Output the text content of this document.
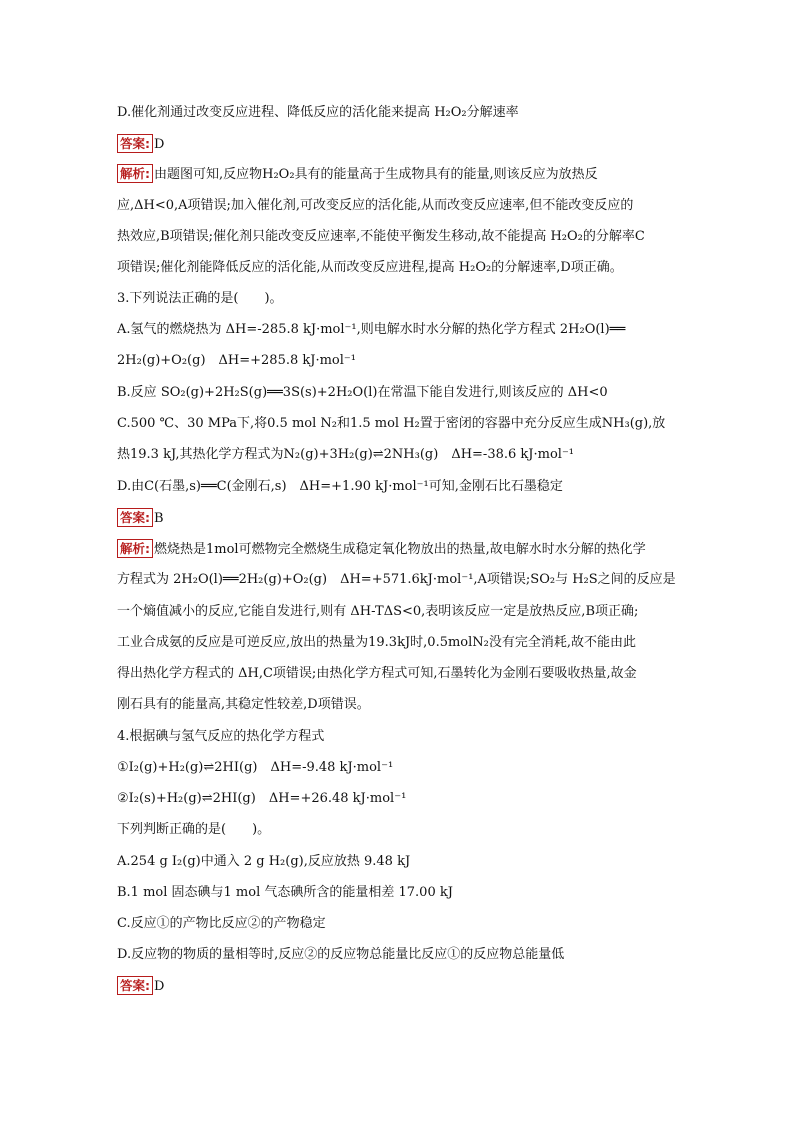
D.催化剂通过改变反应进程、降低反应的活化能来提高 H₂O₂分解速率
答案: D
解析: 由题图可知,反应物H₂O₂具有的能量高于生成物具有的能量,则该反应为放热反
应,ΔH<0,A项错误;加入催化剂,可改变反应的活化能,从而改变反应速率,但不能改变反应的
热效应,B项错误;催化剂只能改变反应速率,不能使平衡发生移动,故不能提高 H₂O₂的分解率C
项错误;催化剂能降低反应的活化能,从而改变反应进程,提高 H₂O₂的分解速率,D项正确。
3.下列说法正确的是(　　)。
A.氢气的燃烧热为 ΔH=-285.8 kJ·mol⁻¹,则电解水时水分解的热化学方程式 2H₂O(l)══
2H₂(g)+O₂(g)　ΔH=+285.8 kJ·mol⁻¹
B.反应 SO₂(g)+2H₂S(g)══3S(s)+2H₂O(l)在常温下能自发进行,则该反应的 ΔH<0
C.500 ℃、30 MPa下,将0.5 mol N₂和1.5 mol H₂置于密闭的容器中充分反应生成NH₃(g),放
热19.3 kJ,其热化学方程式为N₂(g)+3H₂(g)⇌2NH₃(g)　ΔH=-38.6 kJ·mol⁻¹
D.由C(石墨,s)══C(金刚石,s)　ΔH=+1.90 kJ·mol⁻¹可知,金刚石比石墨稳定
答案: B
解析: 燃烧热是1mol可燃物完全燃烧生成稳定氧化物放出的热量,故电解水时水分解的热化学
方程式为 2H₂O(l)══2H₂(g)+O₂(g)　ΔH=+571.6kJ·mol⁻¹,A项错误;SO₂与 H₂S之间的反应是
一个熵值减小的反应,它能自发进行,则有 ΔH-TΔS<0,表明该反应一定是放热反应,B项正确;
工业合成氨的反应是可逆反应,放出的热量为19.3kJ时,0.5molN₂没有完全消耗,故不能由此
得出热化学方程式的 ΔH,C项错误;由热化学方程式可知,石墨转化为金刚石要吸收热量,故金
刚石具有的能量高,其稳定性较差,D项错误。
4.根据碘与氢气反应的热化学方程式
①I₂(g)+H₂(g)⇌2HI(g)　ΔH=-9.48 kJ·mol⁻¹
②I₂(s)+H₂(g)⇌2HI(g)　ΔH=+26.48 kJ·mol⁻¹
下列判断正确的是(　　)。
A.254 g I₂(g)中通入 2 g H₂(g),反应放热 9.48 kJ
B.1 mol 固态碘与1 mol 气态碘所含的能量相差 17.00 kJ
C.反应①的产物比反应②的产物稳定
D.反应物的物质的量相等时,反应②的反应物总能量比反应①的反应物总能量低
答案: D
